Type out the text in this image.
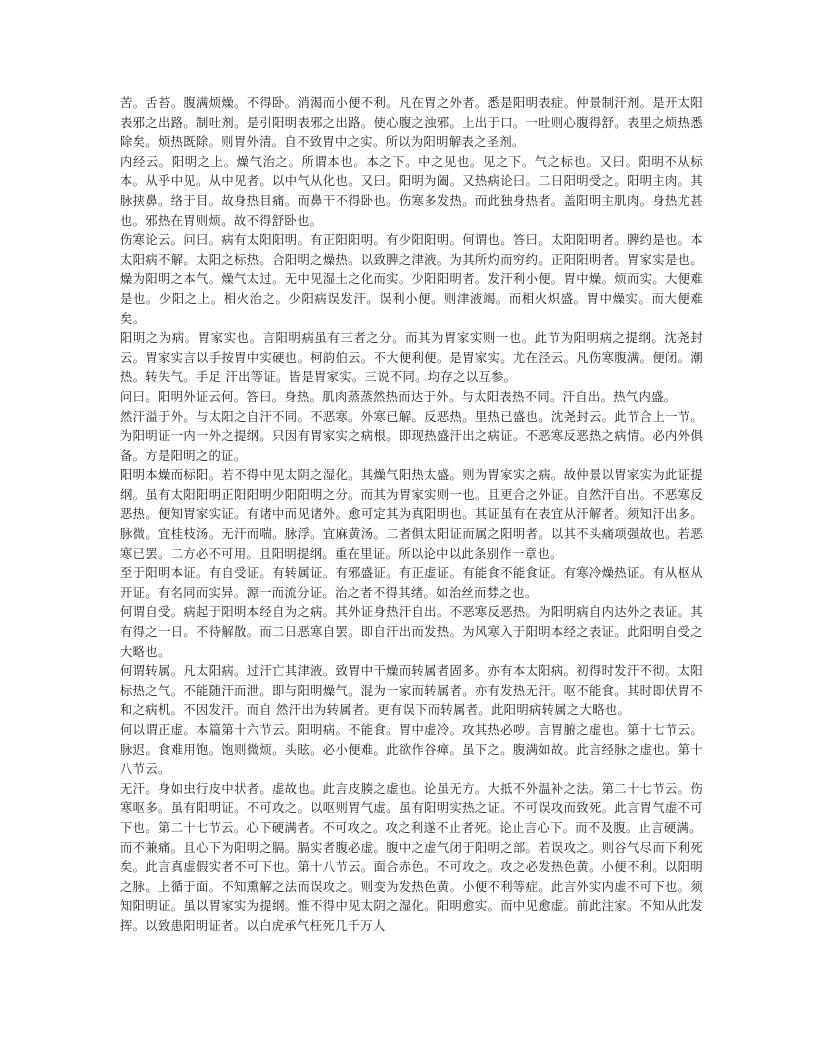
苦。舌苔。腹满烦燥。不得卧。消渴而小便不利。凡在胃之外者。悉是阳明表症。仲景制汗剂。是开太阳表邪之出路。制吐剂。是引阳明表邪之出路。使心腹之浊邪。上出于口。一吐则心腹得舒。表里之烦热悉除矣。烦热既除。则胃外清。自不致胃中之实。所以为阳明解表之圣剂。

内经云。阳明之上。燥气治之。所谓本也。本之下。中之见也。见之下。气之标也。又曰。阳明不从标本。从乎中见。从中见者。以中气从化也。又曰。阳明为阖。又热病论曰。二日阳明受之。阳明主肉。其脉挟鼻。络于目。故身热目痛。而鼻干不得卧也。伤寒多发热。而此独身热者。盖阳明主肌肉。身热尤甚也。邪热在胃则烦。故不得舒卧也。

伤寒论云。问曰。病有太阳阳明。有正阳阳明。有少阳阳明。何谓也。答曰。太阳阳明者。脾约是也。本太阳病不解。太阳之标热。合阳明之燥热。以致脾之津液。为其所灼而穷约。正阳阳明者。胃家实是也。燥为阳明之本气。燥气太过。无中见湿土之化而实。少阳阳明者。发汗利小便。胃中燥。烦而实。大便难是也。少阳之上。相火治之。少阳病误发汗。误利小便。则津液竭。而相火炽盛。胃中燥实。而大便难矣。

阳明之为病。胃家实也。言阳明病虽有三者之分。而其为胃家实则一也。此节为阳明病之提纲。沈尧封云。胃家实言以手按胃中实硬也。柯韵伯云。不大便利便。是胃家实。尤在泾云。凡伤寒腹满。便闭。潮热。转失气。手足 汗出等证。皆是胃家实。三说不同。均存之以互参。

问曰。阳明外证云何。答曰。身热。肌肉蒸蒸然热而达于外。与太阳表热不同。汗自出。热气内盛。

然汗溢于外。与太阳之自汗不同。不恶寒。外寒已解。反恶热。里热已盛也。沈尧封云。此节合上一节。为阳明证一内一外之提纲。只因有胃家实之病根。即现热盛汗出之病证。不恶寒反恶热之病情。必内外俱备。方是阳明之的证。

阳明本燥而标阳。若不得中见太阴之湿化。其燥气阳热太盛。则为胃家实之病。故仲景以胃家实为此证提纲。虽有太阳阳明正阳阳明少阳阳明之分。而其为胃家实则一也。且更合之外证。自然汗自出。不恶寒反恶热。便知胃家实证。有诸中而见诸外。愈可定其为真阳明也。其证虽有在表宜从汗解者。须知汗出多。脉微。宜桂枝汤。无汗而喘。脉浮。宜麻黄汤。二者俱太阳证而属之阳明者。以其不头痛项强故也。若恶寒已罢。二方必不可用。且阳明提纲。重在里证。所以论中以此条别作一章也。

至于阳明本证。有自受证。有转属证。有邪盛证。有正虚证。有能食不能食证。有寒冷燥热证。有从枢从开证。有名同而实异。源一而流分证。治之者不得其绪。如治丝而棼之也。

何谓自受。病起于阳明本经自为之病。其外证身热汗自出。不恶寒反恶热。为阳明病自内达外之表证。其有得之一日。不待解散。而二日恶寒自罢。即自汗出而发热。为风寒入于阳明本经之表证。此阳明自受之大略也。

何谓转属。凡太阳病。过汗亡其津液。致胃中干燥而转属者固多。亦有本太阳病。初得时发汗不彻。太阳标热之气。不能随汗而泄。即与阳明燥气。混为一家而转属者。亦有发热无汗。呕不能食。其时即伏胃不和之病机。不因发汗。而自 然汗出为转属者。更有误下而转属者。此阳明病转属之大略也。

何以谓正虚。本篇第十六节云。阳明病。不能食。胃中虚冷。攻其热必哕。言胃腑之虚也。第十七节云。脉迟。食难用饱。饱则微烦。头眩。必小便难。此欲作谷瘅。虽下之。腹满如故。此言经脉之虚也。第十八节云。

无汗。身如虫行皮中状者。虚故也。此言皮腠之虚也。论虽无方。大抵不外温补之法。第二十七节云。伤寒呕多。虽有阳明证。不可攻之。以呕则胃气虚。虽有阳明实热之证。不可误攻而致死。此言胃气虚不可下也。第二十七节云。心下硬满者。不可攻之。攻之利遂不止者死。论止言心下。而不及腹。止言硬满。

而不兼痛。且心下为阳明之膈。膈实者腹必虚。腹中之虚气闭于阳明之部。若误攻之。则谷气尽而下利死矣。此言真虚假实者不可下也。第十八节云。面合赤色。不可攻之。攻之必发热色黄。小便不利。以阳明之脉。上循于面。不知熏解之法而误攻之。则变为发热色黄。小便不利等症。此言外实内虚不可下也。须知阳明证。虽以胃家实为提纲。惟不得中见太阴之湿化。阳明愈实。而中见愈虚。前此注家。不知从此发挥。以致患阳明证者。以白虎承气枉死几千万人
